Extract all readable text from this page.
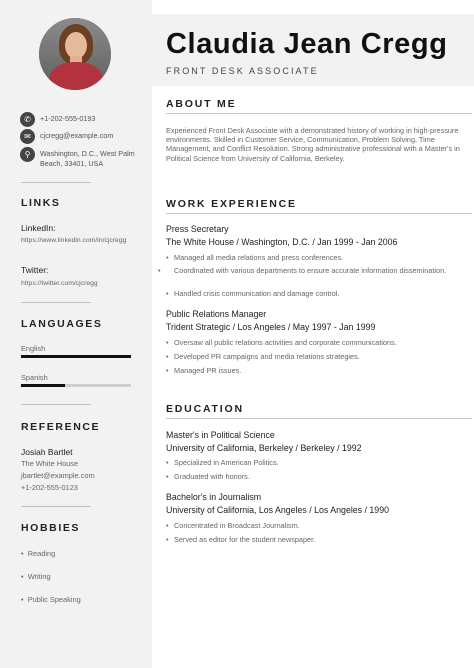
✆	+1-202-555-0193
✉	cjcregg@example.com
⚲	Washington, D.C., West Palm Beach, 33401, USA
LINKS
LinkedIn:
https://www.linkedin.com/in/cjcregg
Twitter:
https://twitter.com/cjcregg
LANGUAGES
English
Spanish
REFERENCE
Josiah Bartlet
The White House
jbartlet@example.com
+1-202-555-0123
HOBBIES
•  Reading
•  Writing
•  Public Speaking
Claudia Jean Cregg
FRONT DESK ASSOCIATE
ABOUT ME
Experienced Front Desk Associate with a demonstrated history of working in high-pressure environments. Skilled in Customer Service, Communication, Problem Solving, Time Management, and Conflict Resolution. Strong administrative professional with a Master's in Political Science from University of California, Berkeley.
WORK EXPERIENCE
Press Secretary
The White House / Washington, D.C. / Jan 1999 - Jan 2006
• Managed all media relations and press conferences.
• Coordinated with various departments to ensure accurate information dissemination.
• Handled crisis communication and damage control.
Public Relations Manager
Trident Strategic / Los Angeles / May 1997 - Jan 1999
• Oversaw all public relations activities and corporate communications.
• Developed PR campaigns and media relations strategies.
• Managed PR issues.
EDUCATION
Master's in Political Science
University of California, Berkeley / Berkeley / 1992
• Specialized in American Politics.
• Graduated with honors.
Bachelor's in Journalism
University of California, Los Angeles / Los Angeles / 1990
• Concentrated in Broadcast Journalism.
• Served as editor for the student newspaper.
